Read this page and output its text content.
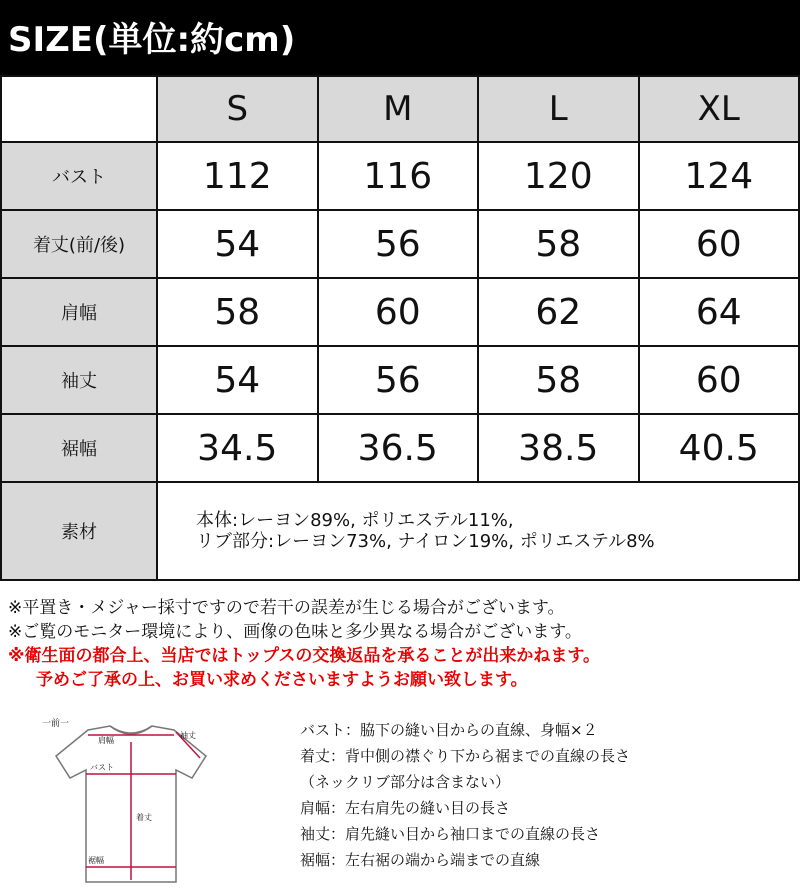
SIZE(単位:約cm)
	S	M	L	XL
バスト	112	116	120	124
着丈(前/後)	54	56	58	60
肩幅	58	60	62	64
袖丈	54	56	58	60
裾幅	34.5	36.5	38.5	40.5
素材	本体:レーヨン89%, ポリエステル11%,
リブ部分:レーヨン73%, ナイロン19%, ポリエステル8%			
※平置き・メジャー採寸ですので若干の誤差が生じる場合がございます。
※ご覧のモニター環境により、画像の色味と多少異なる場合がございます。
※衛生面の都合上、当店ではトップスの交換返品を承ることが出来かねます。
予めご了承の上、お買い求めくださいますようお願い致します。
一前一
肩幅
袖丈
バスト
着丈
裾幅
バスト：脇下の縫い目からの直線、身幅×２
着丈：背中側の襟ぐり下から裾までの直線の長さ
（ネックリブ部分は含まない）
肩幅：左右肩先の縫い目の長さ
袖丈：肩先縫い目から袖口までの直線の長さ
裾幅：左右裾の端から端までの直線
